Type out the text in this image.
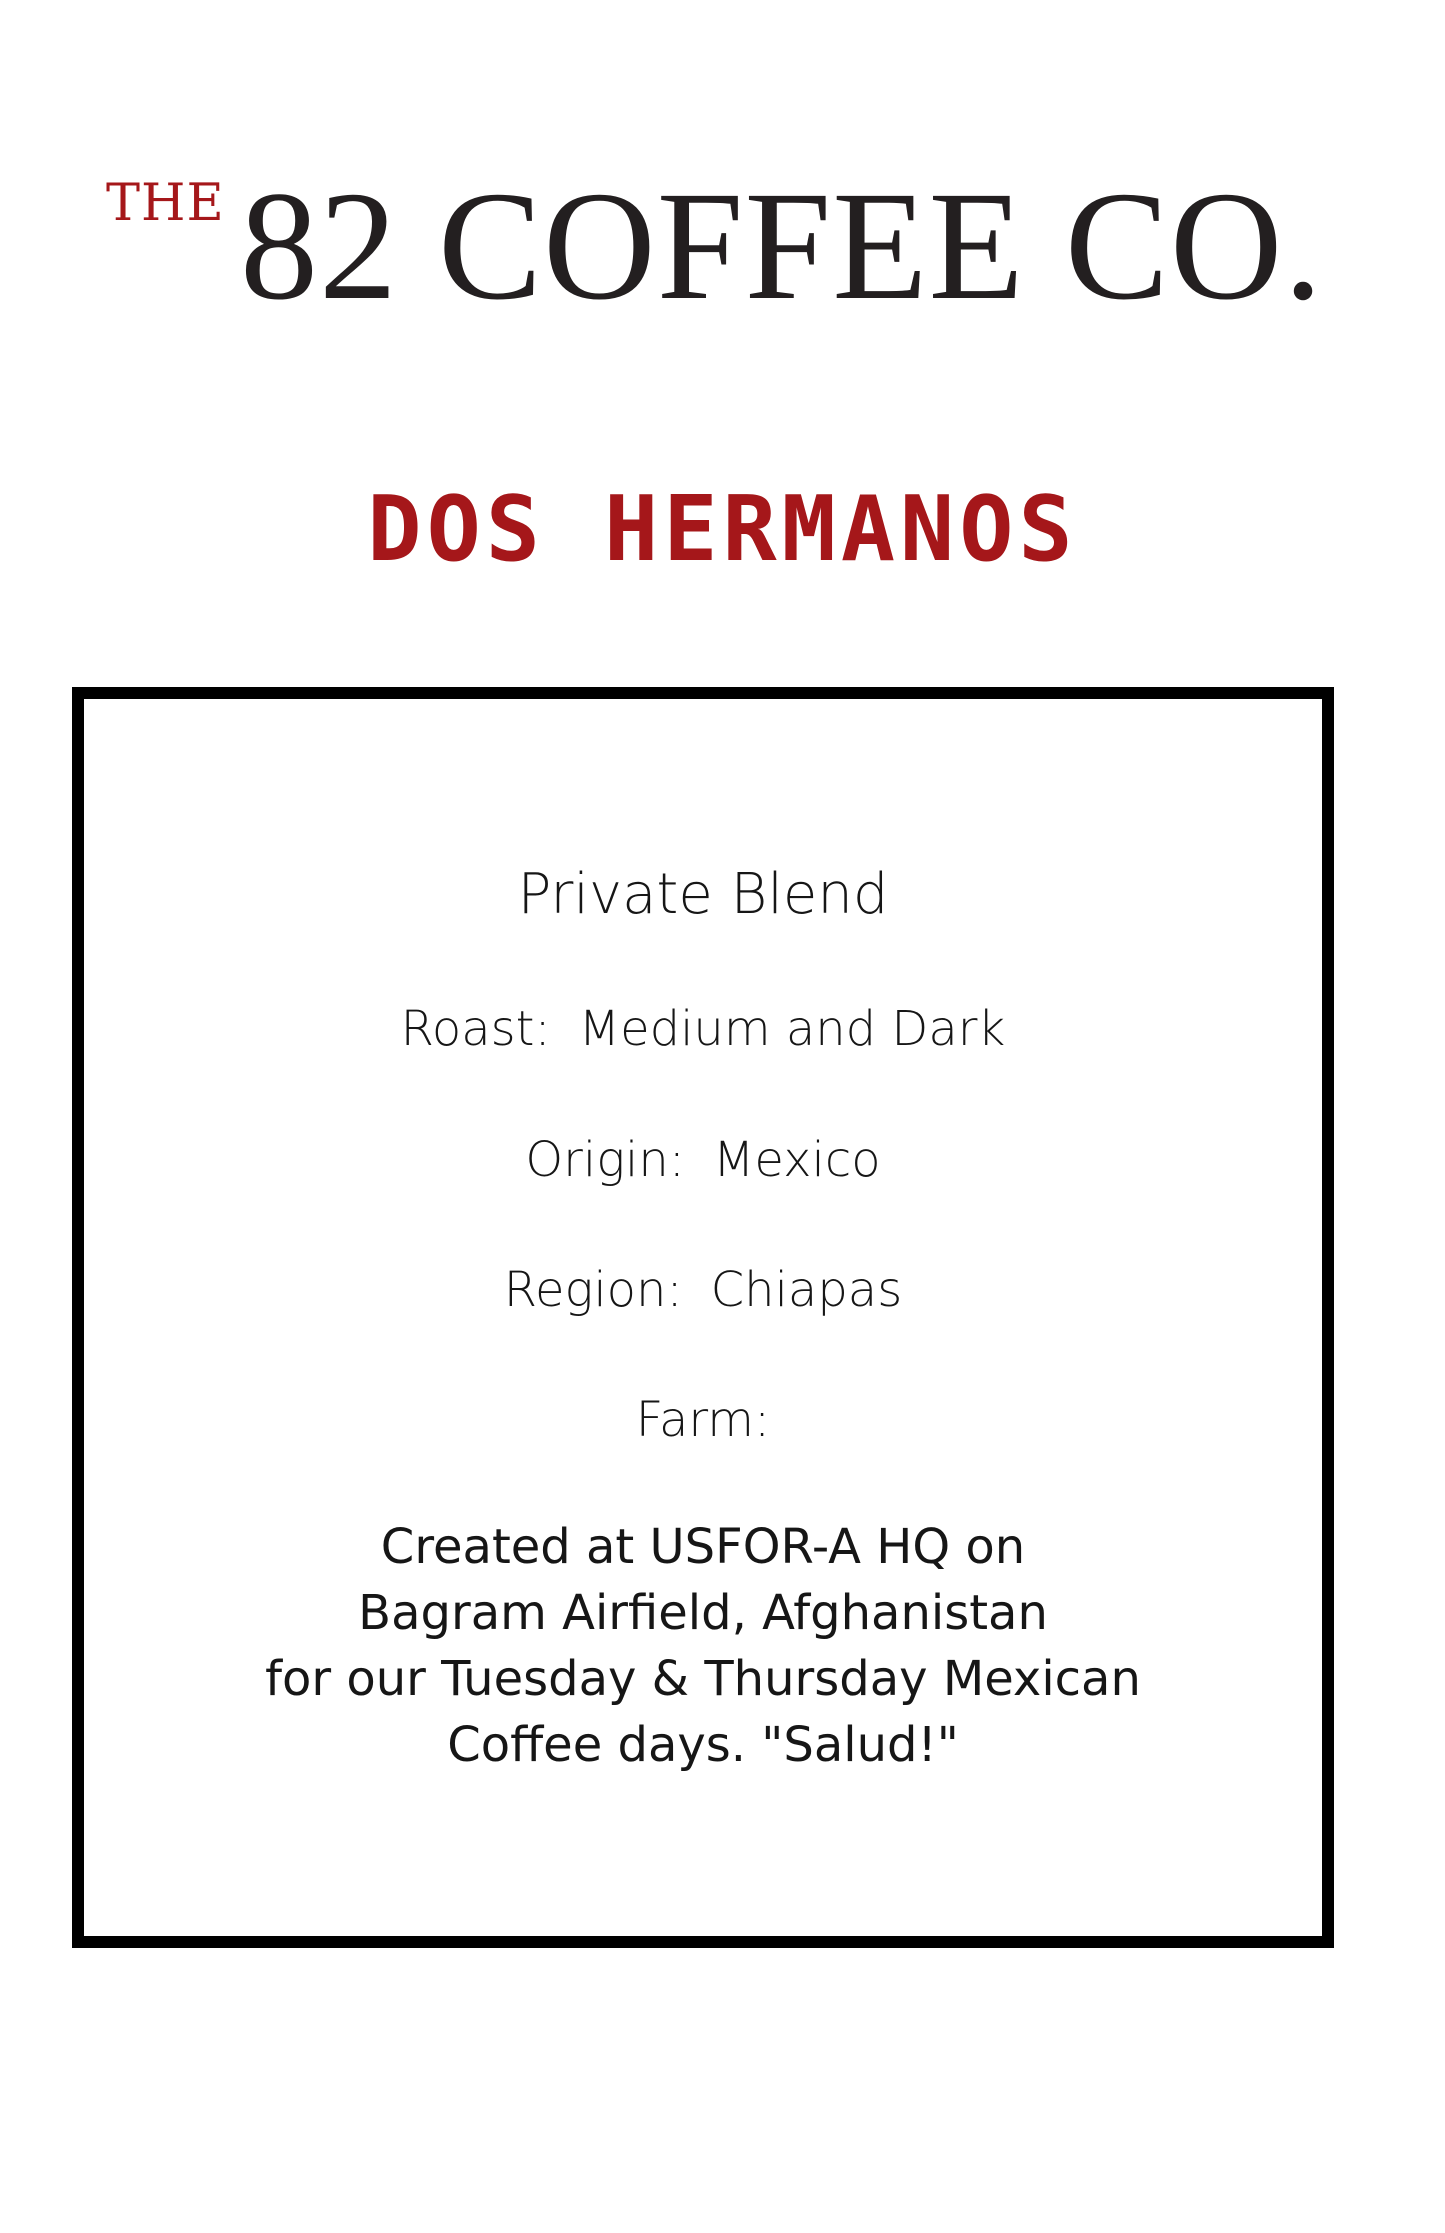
THE 82 COFFEE CO.
DOS HERMANOS
Private Blend
Roast: Medium and Dark
Origin: Mexico
Region: Chiapas
Farm:
Created at USFOR-A HQ on
Bagram Airfield, Afghanistan
for our Tuesday & Thursday Mexican
Coffee days. "Salud!"
